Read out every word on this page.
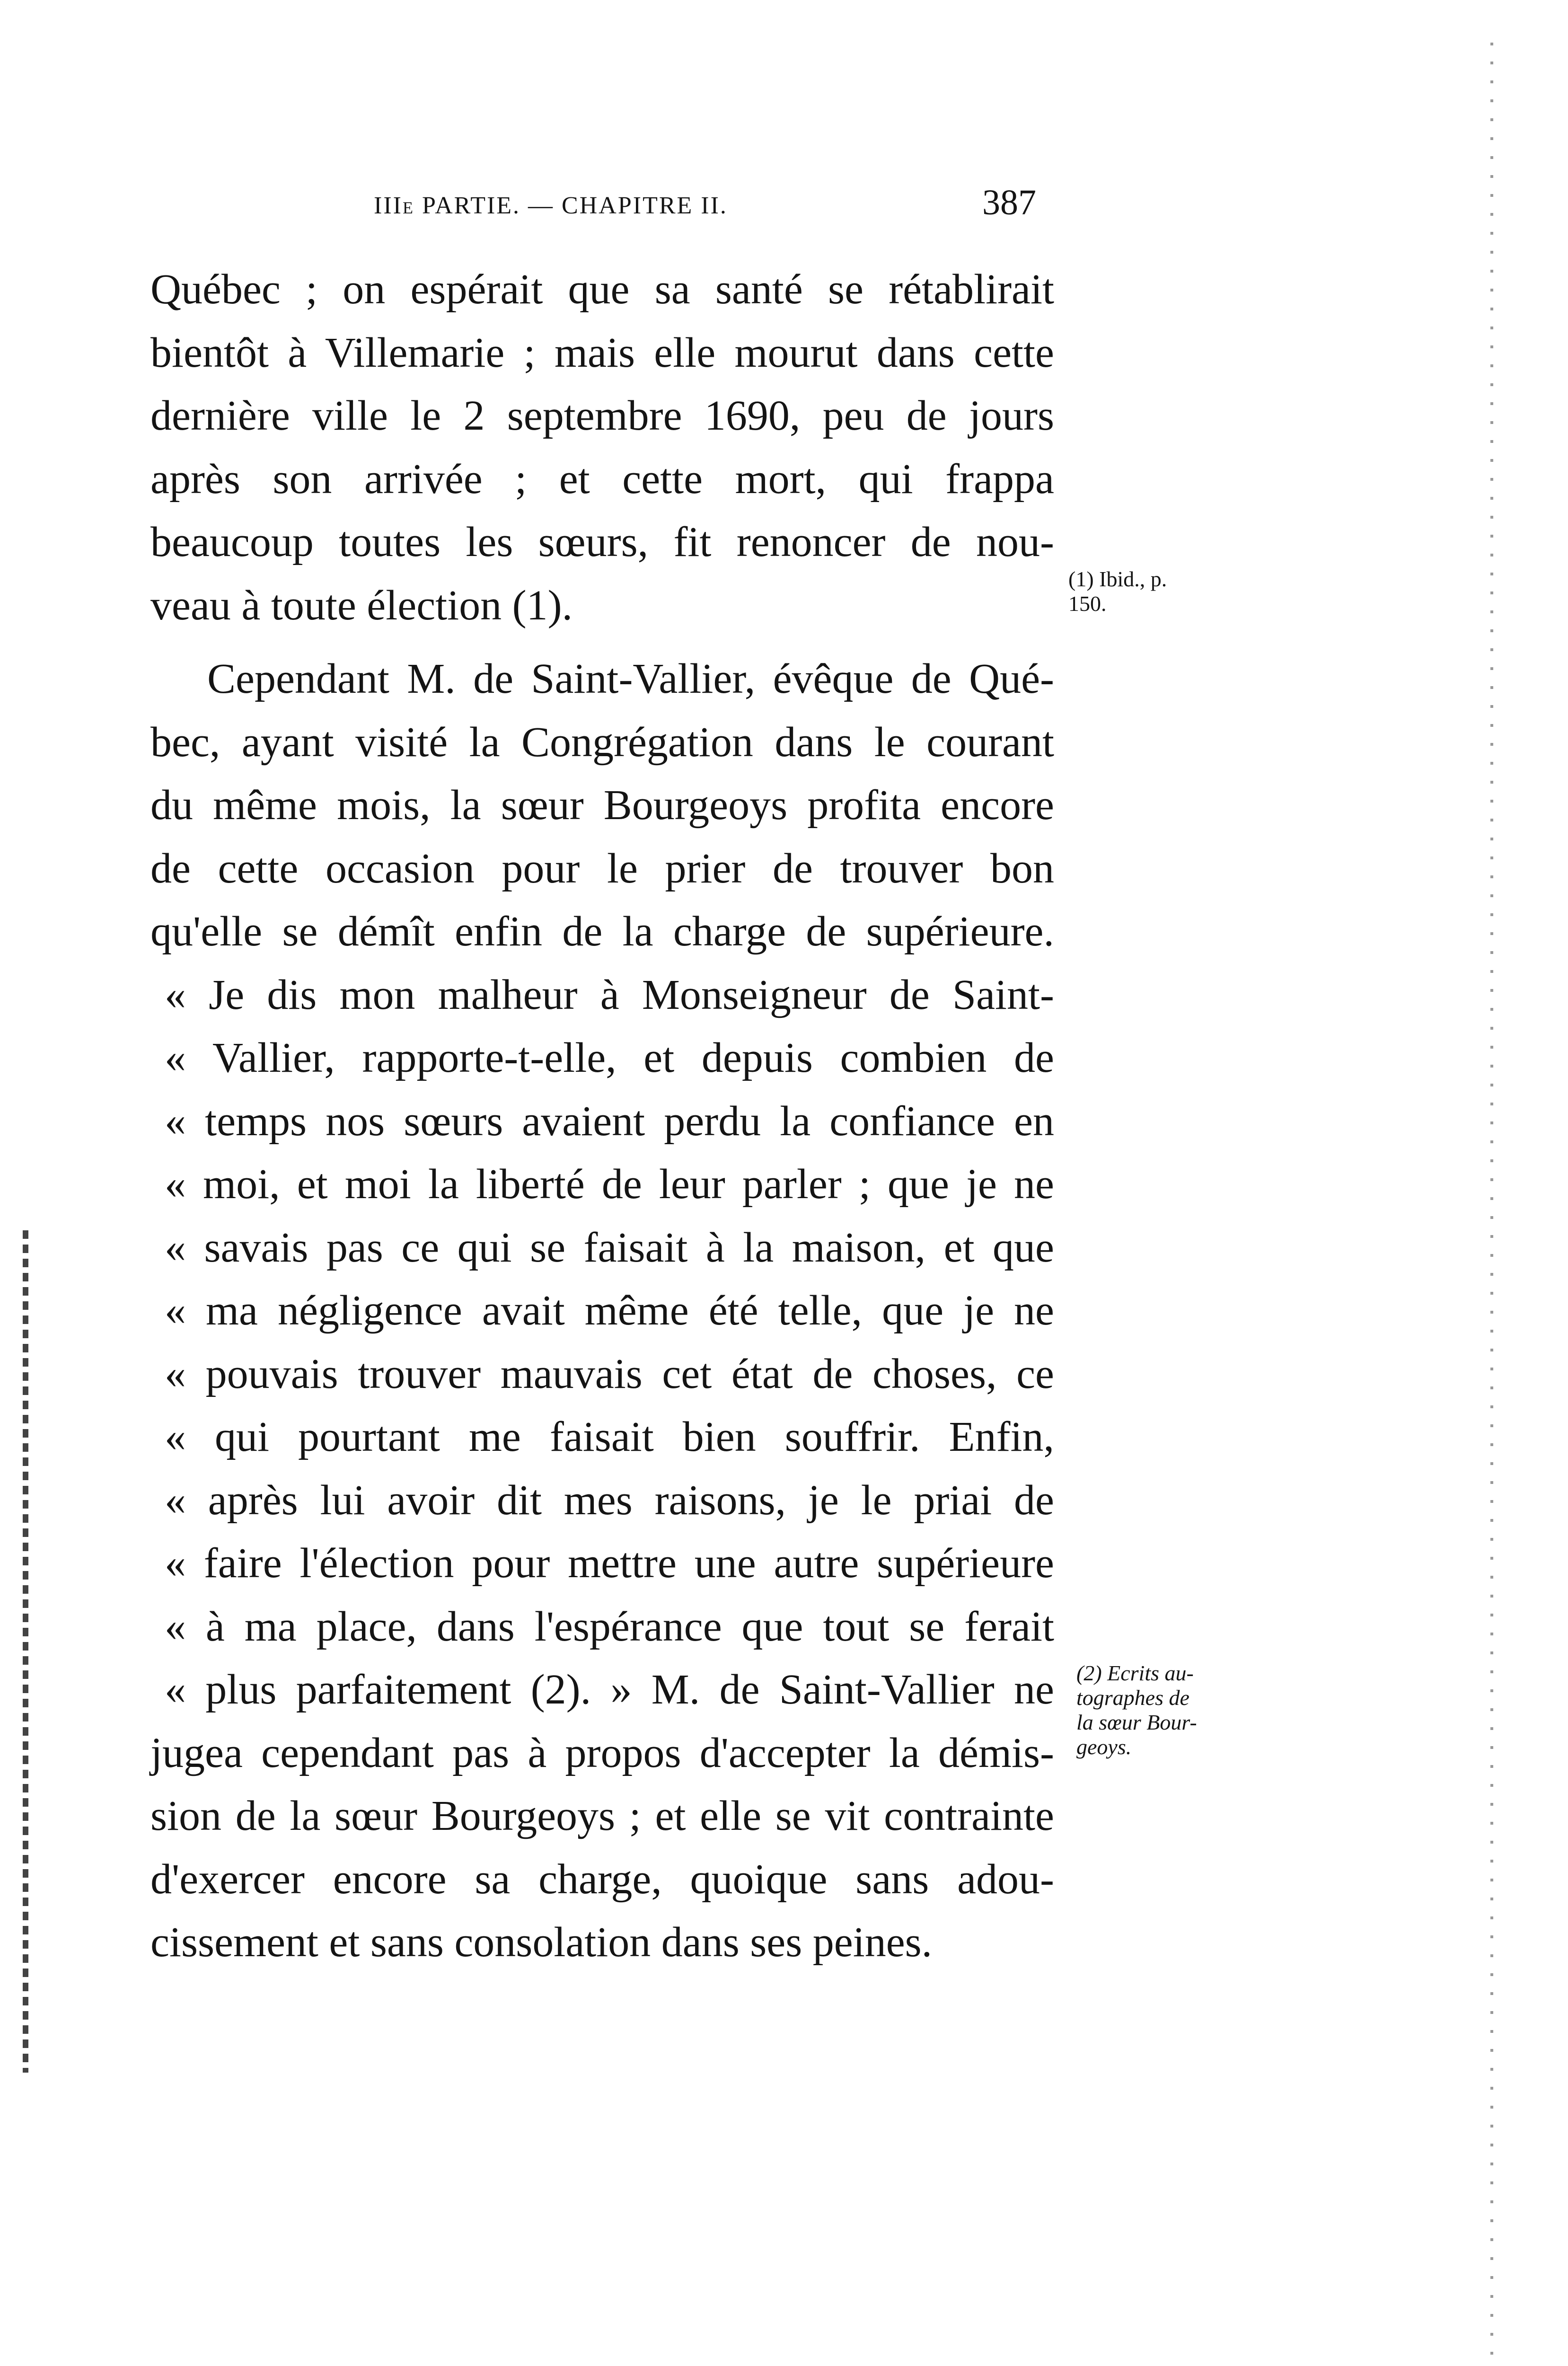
IIIe PARTIE. — CHAPITRE II.	387
Québec ; on espérait que sa santé se rétablirait
bientôt à Villemarie ; mais elle mourut dans cette
dernière ville le 2 septembre 1690, peu de jours
après son arrivée ; et cette mort, qui frappa
beaucoup toutes les sœurs, fit renoncer de nou-
veau à toute élection (1).
Cependant M. de Saint-Vallier, évêque de Qué-
bec, ayant visité la Congrégation dans le courant
du même mois, la sœur Bourgeoys profita encore
de cette occasion pour le prier de trouver bon
qu'elle se démît enfin de la charge de supérieure.
« Je dis mon malheur à Monseigneur de Saint-
« Vallier, rapporte-t-elle, et depuis combien de
« temps nos sœurs avaient perdu la confiance en
« moi, et moi la liberté de leur parler ; que je ne
« savais pas ce qui se faisait à la maison, et que
« ma négligence avait même été telle, que je ne
« pouvais trouver mauvais cet état de choses, ce
« qui pourtant me faisait bien souffrir. Enfin,
« après lui avoir dit mes raisons, je le priai de
« faire l'élection pour mettre une autre supérieure
« à ma place, dans l'espérance que tout se ferait
« plus parfaitement (2). » M. de Saint-Vallier ne
jugea cependant pas à propos d'accepter la démis-
sion de la sœur Bourgeoys ; et elle se vit contrainte
d'exercer encore sa charge, quoique sans adou-
cissement et sans consolation dans ses peines.
(1) Ibid., p.
150.
(2) Ecrits au-
tographes de
la sœur Bour-
geoys.
